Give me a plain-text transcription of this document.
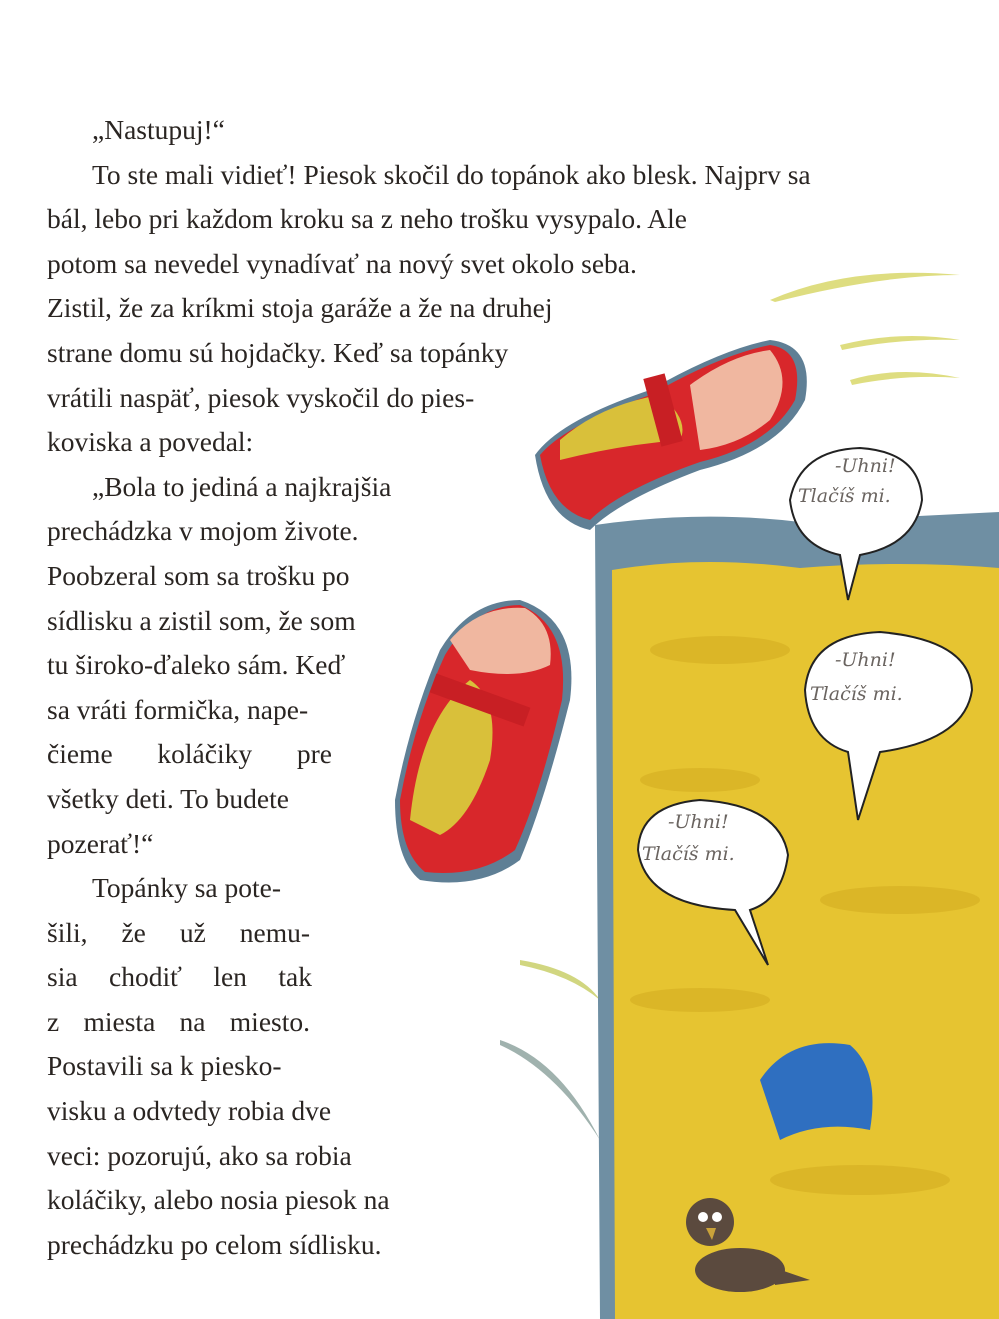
-Uhni!
Tlačíš mi.
-Uhni!
Tlačíš mi.
-Uhni!
Tlačíš mi.
„Nastupuj!“
To ste mali vidieť! Piesok skočil do topánok ako blesk. Najprv sa
bál, lebo pri každom kroku sa z neho trošku vysypalo. Ale
potom sa nevedel vynadívať na nový svet okolo seba.
Zistil, že za kríkmi stoja garáže a že na druhej
strane domu sú hojdačky. Keď sa topánky
vrátili naspäť, piesok vyskočil do pies-
koviska a povedal:
„Bola to jediná a najkrajšia
prechádzka v mojom živote.
Poobzeral som sa trošku po
sídlisku a zistil som, že som
tu široko-ďaleko sám. Keď
sa vráti formička, nape-
čieme koláčiky pre
všetky deti. To budete
pozerať!“
Topánky sa pote-
šili, že už nemu-
sia chodiť len tak
z miesta na miesto.
Postavili sa k piesko-
visku a odvtedy robia dve
veci: pozorujú, ako sa robia
koláčiky, alebo nosia piesok na
prechádzku po celom sídlisku.
